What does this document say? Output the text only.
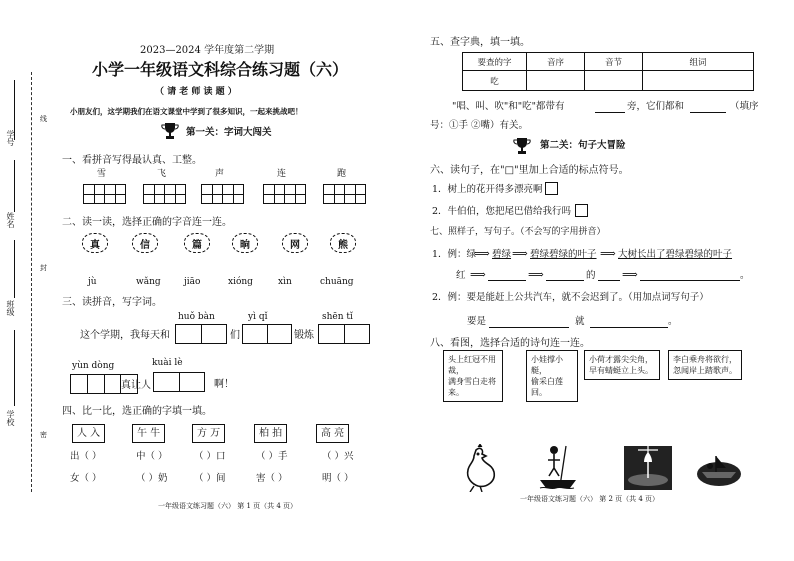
学号
姓名
班级
学校
线
封
密
2023—2024 学年度第二学期
小学一年级语文科综合练习题（六）
（ 请 老 师 读 题 ）
小朋友们，这学期我们在语文课堂中学到了很多知识，一起来挑战吧！
第一关：字词大闯关
一、看拼音写得最认真、工整。
雪	飞	声	连	跑
二、读一读，选择正确的字音连一连。
真	信	篇	晌	网	熊
jù	wǎng	jiāo	xióng	xìn	chuāng
三、读拼音，写字词。
huǒ bàn	yì qǐ	shēn tǐ
这个学期，我每天和	们	锻炼
yùn dòng	kuài lè
真让人	啊！
四、比一比，选正确的字填一填。
人 入	午 牛	方 万	柏 拍	高 亮
出（ ）	中（ ）	（ ）口	（ ）手	（ ）兴
女（ ）	（ ）奶	（ ）间	害（ ）	明（ ）
一年级语文练习题（六） 第 1 页（共 4 页）
五、查字典，填一填。
要查的字	音序	音节	组词
吃			
"唱、叫、吹"和"吃"都带有	旁，它们都和	（填序
号：①手 ②嘴）有关。
第二关：句子大冒险
六、读句子，在"□"里加上合适的标点符号。
1．树上的花开得多漂亮啊
2．牛伯伯，您把尾巴借给我行吗
七、照样子，写句子。（不会写的字用拼音）
1．例：绿
⟹ 碧绿 ⟹ 碧绿碧绿的叶子 ⟹ 大树长出了碧绿碧绿的叶子
红 ⟹	⟹	的 ⟹	。
2．例：要是能赶上公共汽车，就不会迟到了。（用加点词写句子）
要是	就	。
八、看图，选择合适的诗句连一连。
头上红冠不用裁，
满身雪白走将来。
小娃撑小艇，
偷采白莲回。
小荷才露尖尖角，
早有蜻蜓立上头。
李白乘舟将欲行，
忽闻岸上踏歌声。
一年级语文练习题（六） 第 2 页（共 4 页）
